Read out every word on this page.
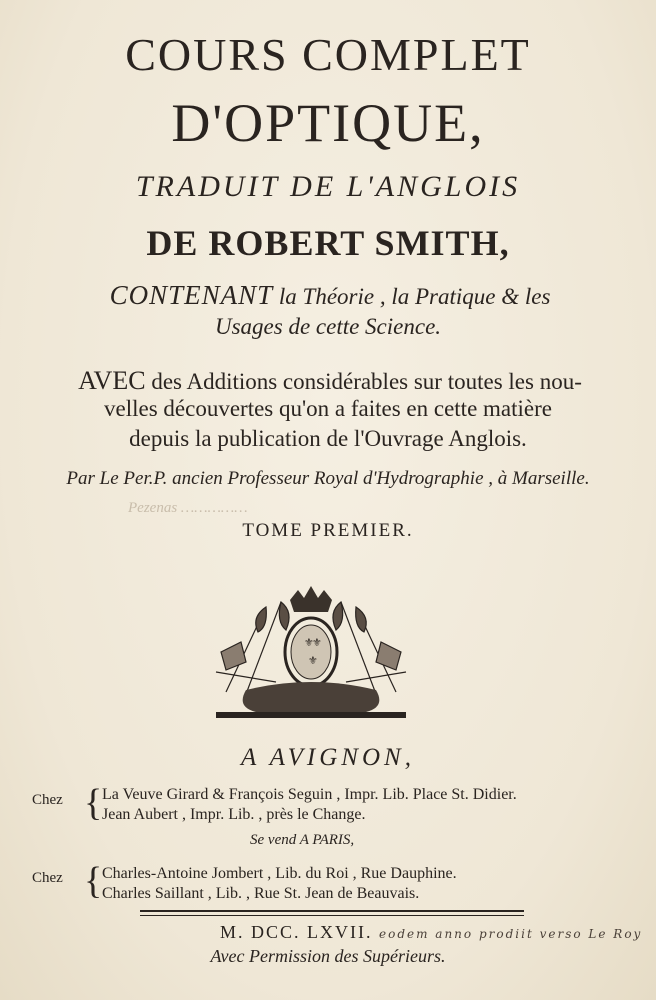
COURS COMPLET
D'OPTIQUE,
TRADUIT DE L'ANGLOIS
DE ROBERT SMITH,
CONTENANT la Théorie , la Pratique & les
Usages de cette Science.
AVEC des Additions considérables sur toutes les nou-
velles découvertes qu'on a faites en cette matière
depuis la publication de l'Ouvrage Anglois.
Par Le Per.P. ancien Professeur Royal d'Hydrographie , à Marseille.
Pezenas ……………
TOME PREMIER.
⚜
⚜
⚜
A AVIGNON,
Chez { La Veuve Girard & François Seguin , Impr. Lib. Place St. Didier.
Jean Aubert , Impr. Lib. , près le Change.
Se vend A PARIS,
Chez { Charles-Antoine Jombert , Lib. du Roi , Rue Dauphine.
Charles Saillant , Lib. , Rue St. Jean de Beauvais.
M. DCC. LXVII. eodem anno prodiit verso Le Roy
Avec Permission des Supérieurs.
